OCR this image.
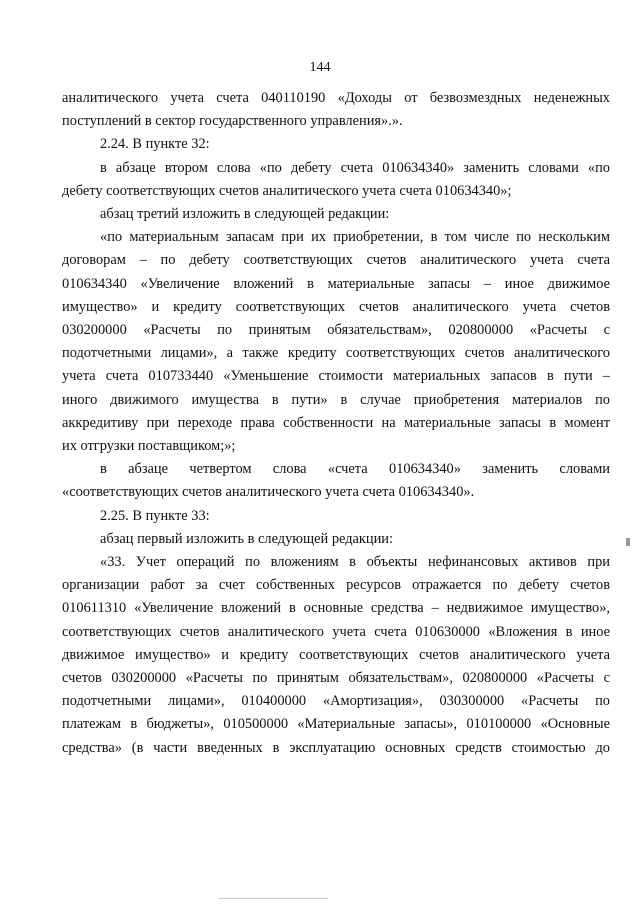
144

аналитического учета счета 040110190 «Доходы от безвозмездных неденежных

поступлений в сектор государственного управления».».

2.24. В пункте 32:

в абзаце втором слова «по дебету счета 010634340» заменить словами «по

дебету соответствующих счетов аналитического учета счета 010634340»;

абзац третий изложить в следующей редакции:

«по материальным запасам при их приобретении, в том числе по нескольким

договорам – по дебету соответствующих счетов аналитического учета счета

010634340 «Увеличение вложений в материальные запасы – иное движимое

имущество» и кредиту соответствующих счетов аналитического учета счетов

030200000 «Расчеты по принятым обязательствам», 020800000 «Расчеты с

подотчетными лицами», а также кредиту соответствующих счетов аналитического

учета счета 010733440 «Уменьшение стоимости материальных запасов в пути –

иного движимого имущества в пути» в случае приобретения материалов по

аккредитиву при переходе права собственности на материальные запасы в момент

их отгрузки поставщиком;»;

в абзаце четвертом слова «счета 010634340» заменить словами

«соответствующих счетов аналитического учета счета 010634340».

2.25. В пункте 33:

абзац первый изложить в следующей редакции:

«33. Учет операций по вложениям в объекты нефинансовых активов при

организации работ за счет собственных ресурсов отражается по дебету счетов

010611310 «Увеличение вложений в основные средства – недвижимое имущество»,

соответствующих счетов аналитического учета счета 010630000 «Вложения в иное

движимое имущество» и кредиту соответствующих счетов аналитического учета

счетов 030200000 «Расчеты по принятым обязательствам», 020800000 «Расчеты с

подотчетными лицами», 010400000 «Амортизация», 030300000 «Расчеты по

платежам в бюджеты», 010500000 «Материальные запасы», 010100000 «Основные

средства» (в части введенных в эксплуатацию основных средств стоимостью до
